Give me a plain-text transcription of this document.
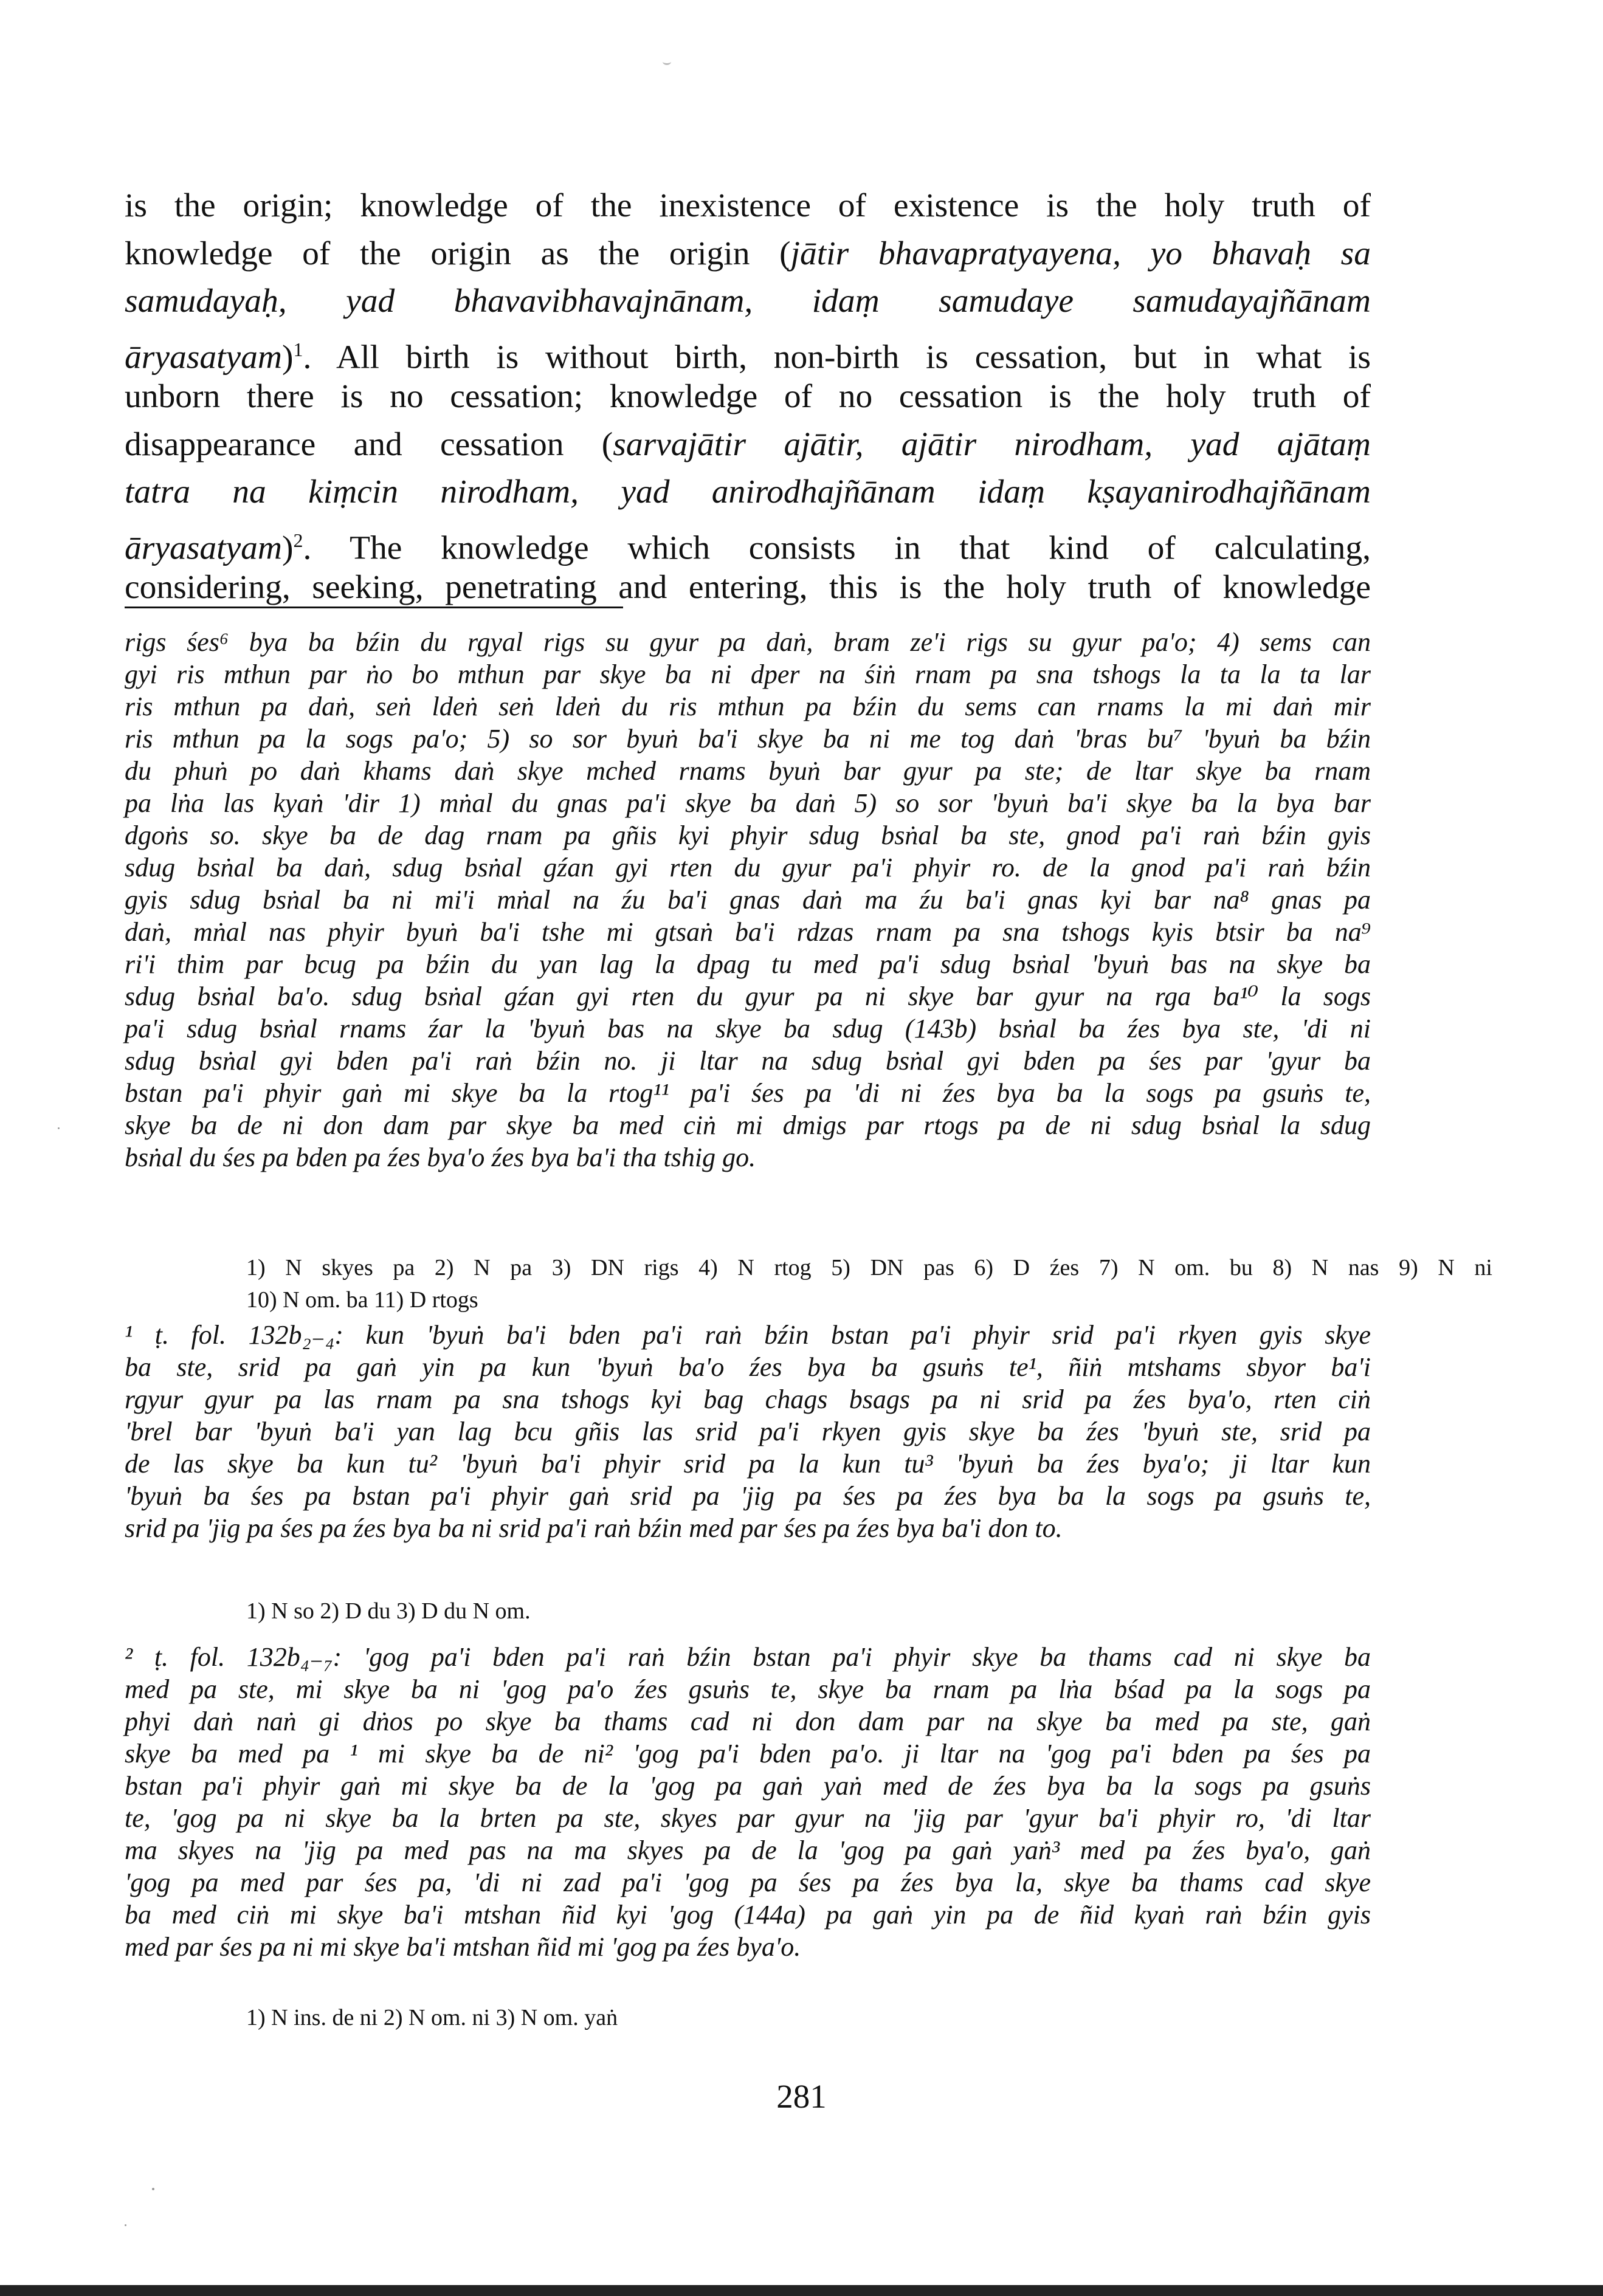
is the origin; knowledge of the inexistence of existence is the holy truth of
knowledge of the origin as the origin (jātir bhavapratyayena, yo bhavaḥ sa
samudayaḥ, yad bhavavibhavajnānam, idaṃ samudaye samudayajñānam
āryasatyam)$^1$. All birth is without birth, non-birth is cessation, but in what is
unborn there is no cessation; knowledge of no cessation is the holy truth of
disappearance and cessation (sarvajātir ajātir, ajātir nirodham, yad ajātaṃ
tatra na kiṃcin nirodham, yad anirodhajñānam idaṃ kṣayanirodhajñānam
āryasatyam)$^2$. The knowledge which consists in that kind of calculating,
considering, seeking, penetrating and entering, this is the holy truth of knowledge
rigs śes⁶ bya ba bźin du rgyal rigs su gyur pa daṅ, bram ze'i rigs su gyur pa'o; 4) sems can
gyi ris mthun par ṅo bo mthun par skye ba ni dper na śiṅ rnam pa sna tshogs la ta la ta lar
ris mthun pa daṅ, seṅ ldeṅ seṅ ldeṅ du ris mthun pa bźin du sems can rnams la mi daṅ mir
ris mthun pa la sogs pa'o; 5) so sor byuṅ ba'i skye ba ni me tog daṅ 'bras bu⁷ 'byuṅ ba bźin
du phuṅ po daṅ khams daṅ skye mched rnams byuṅ bar gyur pa ste; de ltar skye ba rnam
pa lṅa las kyaṅ 'dir 1) mṅal du gnas pa'i skye ba daṅ 5) so sor 'byuṅ ba'i skye ba la bya bar
dgoṅs so. skye ba de dag rnam pa gñis kyi phyir sdug bsṅal ba ste, gnod pa'i raṅ bźin gyis
sdug bsṅal ba daṅ, sdug bsṅal gźan gyi rten du gyur pa'i phyir ro. de la gnod pa'i raṅ bźin
gyis sdug bsṅal ba ni mi'i mṅal na źu ba'i gnas daṅ ma źu ba'i gnas kyi bar na⁸ gnas pa
daṅ, mṅal nas phyir byuṅ ba'i tshe mi gtsaṅ ba'i rdzas rnam pa sna tshogs kyis btsir ba na⁹
ri'i thim par bcug pa bźin du yan lag la dpag tu med pa'i sdug bsṅal 'byuṅ bas na skye ba
sdug bsṅal ba'o. sdug bsṅal gźan gyi rten du gyur pa ni skye bar gyur na rga ba¹⁰ la sogs
pa'i sdug bsṅal rnams źar la 'byuṅ bas na skye ba sdug (143b) bsṅal ba źes bya ste, 'di ni
sdug bsṅal gyi bden pa'i raṅ bźin no. ji ltar na sdug bsṅal gyi bden pa śes par 'gyur ba
bstan pa'i phyir gaṅ mi skye ba la rtog¹¹ pa'i śes pa 'di ni źes bya ba la sogs pa gsuṅs te,
skye ba de ni don dam par skye ba med ciṅ mi dmigs par rtogs pa de ni sdug bsṅal la sdug
bsṅal du śes pa bden pa źes bya'o źes bya ba'i tha tshig go.
1) N skyes pa 2) N pa 3) DN rigs 4) N rtog 5) DN pas 6) D źes 7) N om. bu 8) N nas 9) N ni
10) N om. ba 11) D rtogs
¹ ṭ. fol. 132b₂₋₄: kun 'byuṅ ba'i bden pa'i raṅ bźin bstan pa'i phyir srid pa'i rkyen gyis skye
ba ste, srid pa gaṅ yin pa kun 'byuṅ ba'o źes bya ba gsuṅs te¹, ñiṅ mtshams sbyor ba'i
rgyur gyur pa las rnam pa sna tshogs kyi bag chags bsags pa ni srid pa źes bya'o, rten ciṅ
'brel bar 'byuṅ ba'i yan lag bcu gñis las srid pa'i rkyen gyis skye ba źes 'byuṅ ste, srid pa
de las skye ba kun tu² 'byuṅ ba'i phyir srid pa la kun tu³ 'byuṅ ba źes bya'o; ji ltar kun
'byuṅ ba śes pa bstan pa'i phyir gaṅ srid pa 'jig pa śes pa źes bya ba la sogs pa gsuṅs te,
srid pa 'jig pa śes pa źes bya ba ni srid pa'i raṅ bźin med par śes pa źes bya ba'i don to.
1) N so 2) D du 3) D du N om.
² ṭ. fol. 132b₄₋₇: 'gog pa'i bden pa'i raṅ bźin bstan pa'i phyir skye ba thams cad ni skye ba
med pa ste, mi skye ba ni 'gog pa'o źes gsuṅs te, skye ba rnam pa lṅa bśad pa la sogs pa
phyi daṅ naṅ gi dṅos po skye ba thams cad ni don dam par na skye ba med pa ste, gaṅ
skye ba med pa ¹ mi skye ba de ni² 'gog pa'i bden pa'o. ji ltar na 'gog pa'i bden pa śes pa
bstan pa'i phyir gaṅ mi skye ba de la 'gog pa gaṅ yaṅ med de źes bya ba la sogs pa gsuṅs
te, 'gog pa ni skye ba la brten pa ste, skyes par gyur na 'jig par 'gyur ba'i phyir ro, 'di ltar
ma skyes na 'jig pa med pas na ma skyes pa de la 'gog pa gaṅ yaṅ³ med pa źes bya'o, gaṅ
'gog pa med par śes pa, 'di ni zad pa'i 'gog pa śes pa źes bya la, skye ba thams cad skye
ba med ciṅ mi skye ba'i mtshan ñid kyi 'gog (144a) pa gaṅ yin pa de ñid kyaṅ raṅ bźin gyis
med par śes pa ni mi skye ba'i mtshan ñid mi 'gog pa źes bya'o.
1) N ins. de ni 2) N om. ni 3) N om. yaṅ
281
